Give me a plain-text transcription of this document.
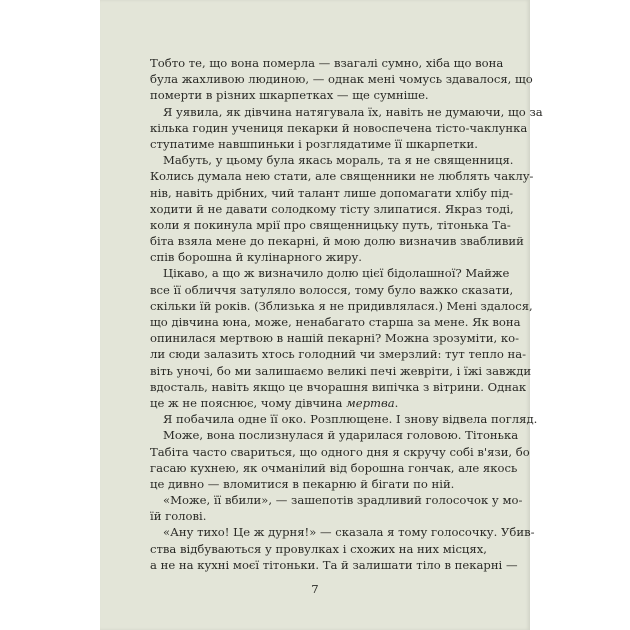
Тобто те, що вона померла — взагалі сумно, хіба що вона
була жахливою людиною, — однак мені чомусь здавалося, що
померти в різних шкарпетках — ще сумніше.
Я уявила, як дівчина натягувала їх, навіть не думаючи, що за
кілька годин учениця пекарки й новоспечена тісто-чаклунка
ступатиме навшпиньки і розглядатиме її шкарпетки.
Мабуть, у цьому була якась мораль, та я не священниця.
Колись думала нею стати, але священники не люблять чаклу-
нів, навіть дрібних, чий талант лише допомагати хлібу під-
ходити й не давати солодкому тісту злипатися. Якраз тоді,
коли я покинула мрії про священницьку путь, тітонька Та-
біта взяла мене до пекарні, й мою долю визначив звабливий
спів борошна й кулінарного жиру.
Цікаво, а що ж визначило долю цієї бідолашної? Майже
все її обличчя затуляло волосся, тому було важко сказати,
скільки їй років. (Зблизька я не придивлялася.) Мені здалося,
що дівчина юна, може, ненабагато старша за мене. Як вона
опинилася мертвою в нашій пекарні? Можна зрозуміти, ко-
ли сюди залазить хтось голодний чи змерзлий: тут тепло на-
віть уночі, бо ми залишаємо великі печі жеврiти, і їжі завжди
вдосталь, навіть якщо це вчорашня випічка з вітрини. Однак
це ж не пояснює, чому дівчина мертва.
Я побачила одне її око. Розплющене. І знову відвела погляд.
Може, вона послизнулася й ударилася головою. Тітонька
Табіта часто свариться, що одного дня я скручу собі в'язи, бо
гасаю кухнею, як очманілий від борошна гончак, але якось
це дивно — вломитися в пекарню й бігати по ній.
«Може, її вбили», — зашепотів зрадливий голосочок у мо-
їй голові.
«Ану тихо! Це ж дурня!» — сказала я тому голосочку. Убив-
ства відбуваються у провулках і схожих на них місцях,
а не на кухні моєї тітоньки. Та й залишати тіло в пекарні —
7
